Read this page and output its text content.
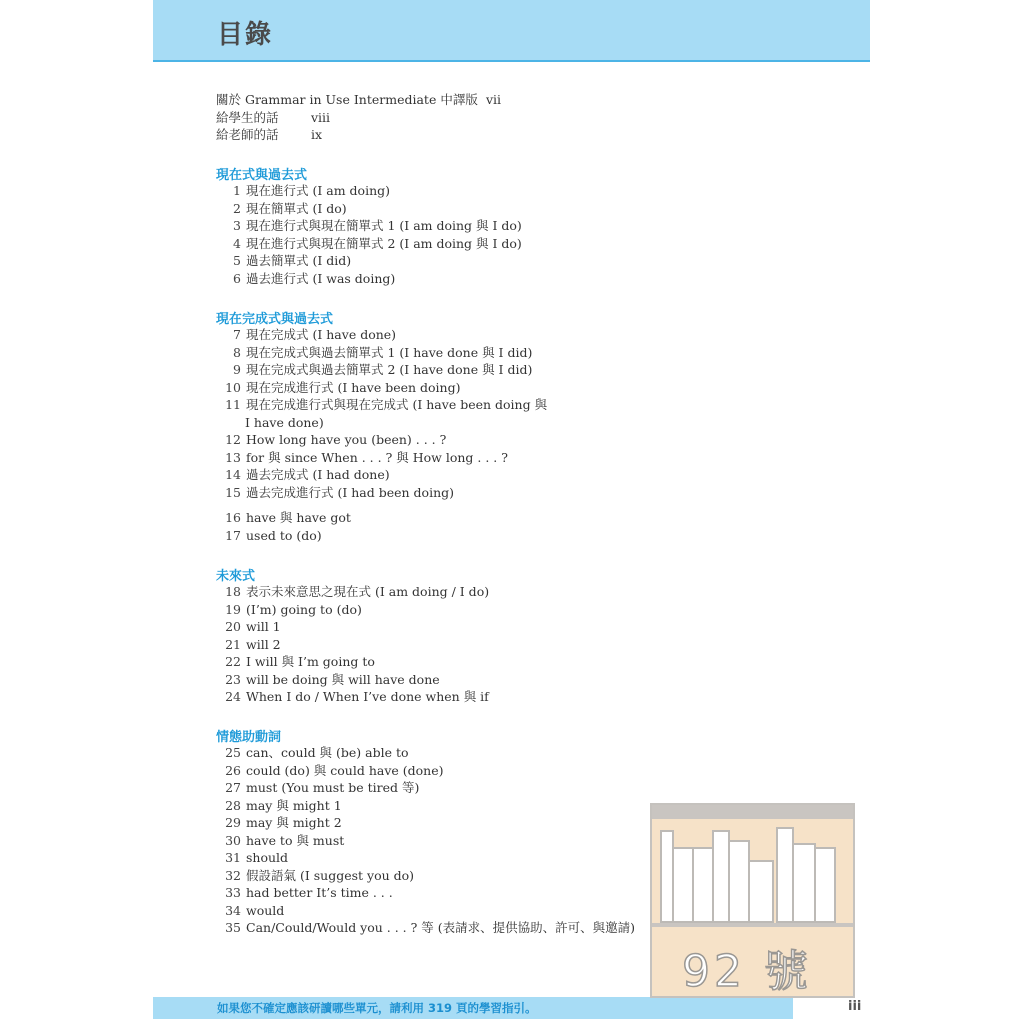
目錄
關於 Grammar in Use Intermediate 中譯版 vii
給學生的話	viii
給老師的話	ix
現在式與過去式
1 現在進行式 (I am doing)
2 現在簡單式 (I do)
3 現在進行式與現在簡單式 1 (I am doing 與 I do)
4 現在進行式與現在簡單式 2 (I am doing 與 I do)
5 過去簡單式 (I did)
6 過去進行式 (I was doing)
現在完成式與過去式
7 現在完成式 (I have done)
8 現在完成式與過去簡單式 1 (I have done 與 I did)
9 現在完成式與過去簡單式 2 (I have done 與 I did)
10 現在完成進行式 (I have been doing)
11 現在完成進行式與現在完成式 (I have been doing 與
I have done)
12 How long have you (been) . . . ?
13 for 與 since When . . . ? 與 How long . . . ?
14 過去完成式 (I had done)
15 過去完成進行式 (I had been doing)
16 have 與 have got
17 used to (do)
未來式
18 表示未來意思之現在式 (I am doing / I do)
19 (I’m) going to (do)
20 will 1
21 will 2
22 I will 與 I’m going to
23 will be doing 與 will have done
24 When I do / When I’ve done when 與 if
情態助動詞
25 can、could 與 (be) able to
26 could (do) 與 could have (done)
27 must (You must be tired 等)
28 may 與 might 1
29 may 與 might 2
30 have to 與 must
31 should
32 假設語氣 (I suggest you do)
33 had better It’s time . . .
34 would
35 Can/Could/Would you . . . ? 等 (表請求、提供協助、許可、與邀請)
如果您不確定應該研讀哪些單元，請利用 319 頁的學習指引。	iii
92 號
